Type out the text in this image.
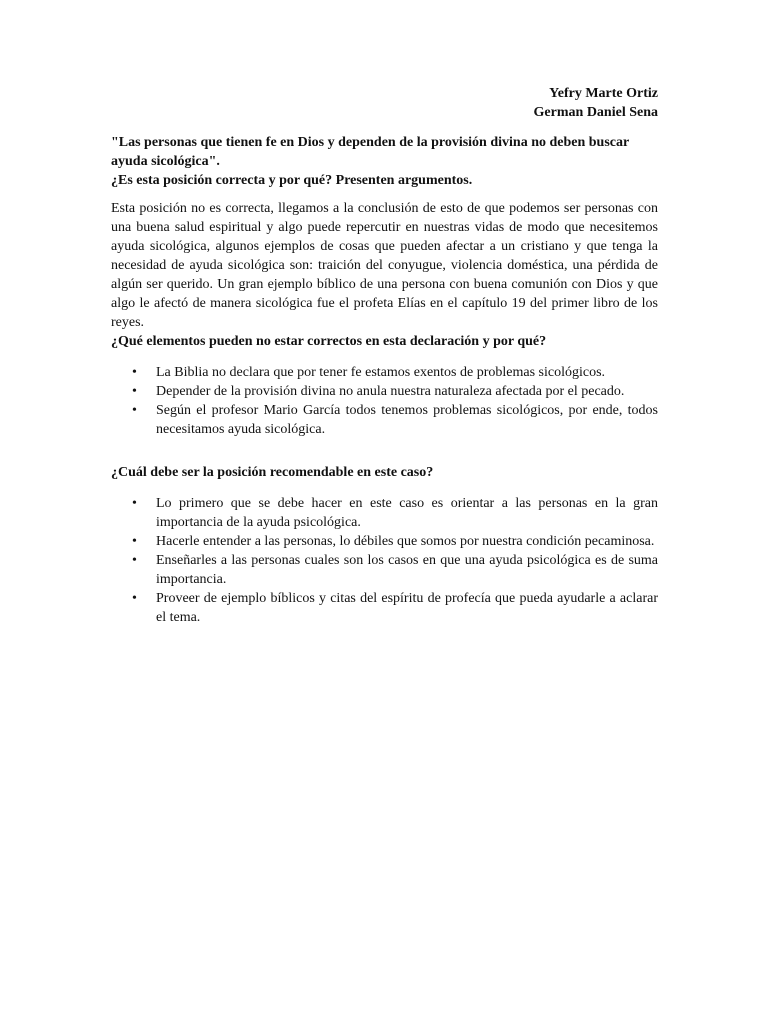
Yefry Marte Ortiz
German Daniel Sena
"Las personas que tienen fe en Dios y dependen de la provisión divina no deben buscar ayuda sicológica".
¿Es esta posición correcta y por qué? Presenten argumentos.
Esta posición no es correcta, llegamos a la conclusión de esto de que podemos ser personas con una buena salud espiritual y algo puede repercutir en nuestras vidas de modo que necesitemos ayuda sicológica, algunos ejemplos de cosas que pueden afectar a un cristiano y que tenga la necesidad de ayuda sicológica son: traición del conyugue, violencia doméstica, una pérdida de algún ser querido. Un gran ejemplo bíblico de una persona con buena comunión con Dios y que algo le afectó de manera sicológica fue el profeta Elías en el capítulo 19 del primer libro de los reyes.
¿Qué elementos pueden no estar correctos en esta declaración y por qué?
• La Biblia no declara que por tener fe estamos exentos de problemas sicológicos.
• Depender de la provisión divina no anula nuestra naturaleza afectada por el pecado.
• Según el profesor Mario García todos tenemos problemas sicológicos, por ende, todos necesitamos ayuda sicológica.
¿Cuál debe ser la posición recomendable en este caso?
• Lo primero que se debe hacer en este caso es orientar a las personas en la gran importancia de la ayuda psicológica.
• Hacerle entender a las personas, lo débiles que somos por nuestra condición pecaminosa.
• Enseñarles a las personas cuales son los casos en que una ayuda psicológica es de suma importancia.
• Proveer de ejemplo bíblicos y citas del espíritu de profecía que pueda ayudarle a aclarar el tema.
